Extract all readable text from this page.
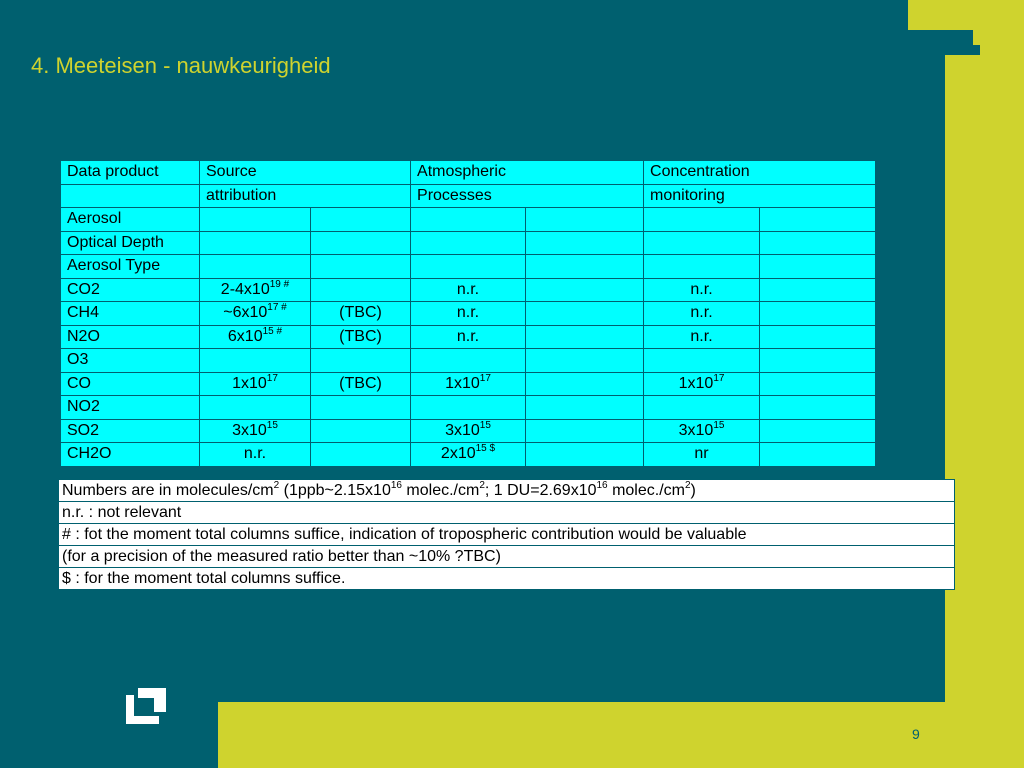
4. Meeteisen - nauwkeurigheid
Data product	Source		Atmospheric		Concentration	
	attribution		Processes		monitoring	
Aerosol						
Optical Depth						
Aerosol Type						
CO2	$2-4x10^{19 \#}$		n.r.		n.r.	
CH4	$\sim 6x10^{17 \#}$	(TBC)	n.r.		n.r.	
N2O	$6x10^{15 \#}$	(TBC)	n.r.		n.r.	
O3						
CO	$1x10^{17}$	(TBC)	$1x10^{17}$		$1x10^{17}$	
NO2						
SO2	$3x10^{15}$		$3x10^{15}$		$3x10^{15}$	
CH2O	n.r.		$2x10^{15 \$}$		nr	
Numbers are in molecules/$cm^2$ ($1ppb\sim 2.15x10^{16}$ $molec./cm^2$; 1 $DU=2.69x10^{16}$ $molec./cm^2$)
n.r. : not relevant
# : fot the moment total columns suffice, indication of tropospheric contribution would be valuable
(for a precision of the measured ratio better than ~10% ?TBC)
$ : for the moment total columns suffice.
9
